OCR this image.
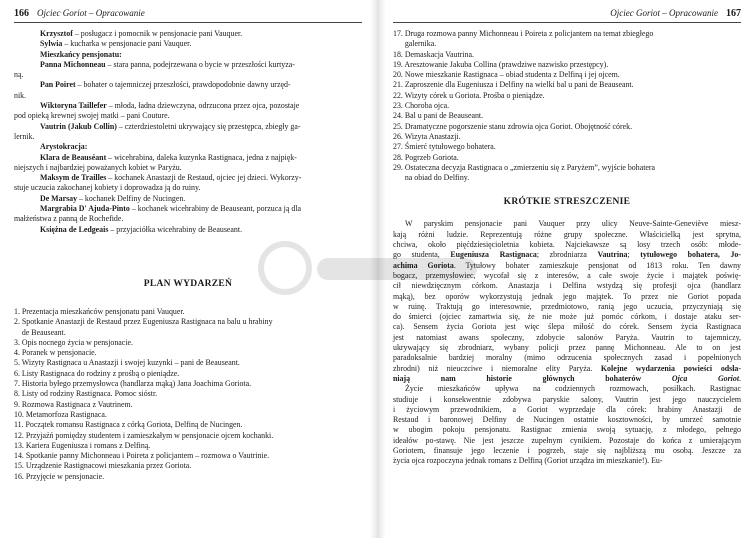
166 Ojciec Goriot – Opracowanie
Krzysztof – posługacz i pomocnik w pensjonacie pani Vauquer.
Sylwia – kucharka w pensjonacie pani Vauquer.
Mieszkańcy pensjonatu:
Panna Michonneau – stara panna, podejrzewana o bycie w przeszłości kurtyza-
ną.
Pan Poiret – bohater o tajemniczej przeszłości, prawdopodobnie dawny urzęd-
nik.
Wiktoryna Taillefer – młoda, ładna dziewczyna, odrzucona przez ojca, pozostaje
pod opieką krewnej swojej matki – pani Couture.
Vautrin (Jakub Collin) – czterdziestoletni ukrywający się przestępca, zbiegły ga-
lernik.
Arystokracja:
Klara de Beauséant – wicehrabina, daleka kuzynka Rastignaca, jedna z najpięk-
niejszych i najbardziej poważanych kobiet w Paryżu.
Maksym de Trailles – kochanek Anastazji de Restaud, ojciec jej dzieci. Wykorzy-
stuje uczucia zakochanej kobiety i doprowadza ją do ruiny.
De Marsay – kochanek Delfiny de Nucingen.
Margrabia D' Ajuda-Pinto – kochanek wicehrabiny de Beauseant, porzuca ją dla
małżeństwa z panną de Rochefide.
Księżna de Ledgeais – przyjaciółka wicehrabiny de Beauseant.
PLAN WYDARZEŃ
1. Prezentacja mieszkańców pensjonatu pani Vauquer.
2. Spotkanie Anastazji de Restaud przez Eugeniusza Rastignaca na balu u hrabiny
de Beauseant.
3. Opis nocnego życia w pensjonacie.
4. Poranek w pensjonacie.
5. Wizyty Rastignaca u Anastazji i swojej kuzynki – pani de Beauseant.
6. Listy Rastignaca do rodziny z prośbą o pieniądze.
7. Historia byłego przemysłowca (handlarza mąką) Jana Joachima Goriota.
8. Listy od rodziny Rastignaca. Pomoc sióstr.
9. Rozmowa Rastignaca z Vautrinem.
10. Metamorfoza Rastignaca.
11. Początek romansu Rastignaca z córką Goriota, Delfiną de Nucingen.
12. Przyjaźń pomiędzy studentem i zamieszkałym w pensjonacie ojcem kochanki.
13. Kariera Eugeniusza i romans z Delfiną.
14. Spotkanie panny Michonneau i Poireta z policjantem – rozmowa o Vautrinie.
15. Urządzenie Rastignacowi mieszkania przez Goriota.
16. Przyjęcie w pensjonacie.
Ojciec Goriot – Opracowanie 167
17. Druga rozmowa panny Michonneau i Poireta z policjantem na temat zbiegłego
galernika.
18. Demaskacja Vautrina.
19. Aresztowanie Jakuba Collina (prawdziwe nazwisko przestępcy).
20. Nowe mieszkanie Rastignaca – obiad studenta z Delfiną i jej ojcem.
21. Zaproszenie dla Eugeniusza i Delfiny na wielki bal u pani de Beauseant.
22. Wizyty córek u Goriota. Prośba o pieniądze.
23. Choroba ojca.
24. Bal u pani de Beauseant.
25. Dramatyczne pogorszenie stanu zdrowia ojca Goriot. Obojętność córek.
26. Wizyta Anastazji.
27. Śmierć tytułowego bohatera.
28. Pogrzeb Goriota.
29. Ostateczna decyzja Rastignaca o „zmierzeniu się z Paryżem”, wyjście bohatera
na obiad do Delfiny.
KRÓTKIE STRESZCZENIE
W paryskim pensjonacie pani Vauquer przy ulicy Neuve-Sainte-Geneviève miesz-
kają różni ludzie. Reprezentują różne grupy społeczne. Właścicielką jest sprytna,
chciwa, około pięćdziesięcioletnia kobieta. Najciekawsze są losy trzech osób: młode-
go studenta, Eugeniusza Rastignaca; zbrodniarza Vautrina; tytułowego bohatera, Jo-
achima Goriota. Tytułowy bohater zamieszkuje pensjonat od 1813 roku. Ten dawny
bogacz, przemysłowiec, wycofał się z interesów, a całe swoje życie i majątek poświę-
cił niewdzięcznym córkom. Anastazja i Delfina wstydzą się profesji ojca (handlarz
mąką), bez oporów wykorzystują jednak jego majątek. To przez nie Goriot popada
w ruinę. Traktują go interesownie, przedmiotowo, ranią jego uczucia, przyczyniają się
do śmierci (ojciec zamartwia się, że nie może już pomóc córkom, i dostaje ataku ser-
ca). Sensem życia Goriota jest więc ślepa miłość do córek. Sensem życia Rastignaca
jest natomiast awans społeczny, zdobycie salonów Paryża. Vautrin to tajemniczy,
ukrywający się zbrodniarz, wybany policji przez pannę Michonneau. Ale to on jest
paradoksalnie bardziej moralny (mimo odrzucenia społecznych zasad i popełnionych
zbrodni) niż nieuczciwe i niemoralne elity Paryża. Kolejne wydarzenia powieści odsła-
niają nam historie głównych bohaterów Ojca Goriot.
Życie mieszkańców upływa na codziennych rozmowach, posiłkach. Rastignac
studiuje i konsekwentnie zdobywa paryskie salony, Vautrin jest jego nauczycielem
i życiowym przewodnikiem, a Goriot wyprzedaje dla córek: hrabiny Anastazji de
Restaud i baronowej Delfiny de Nucingen ostatnie kosztowności, by umrzeć samotnie
w ubogim pokoju pensjonatu. Rastignac zmienia swoją sytuację, z młodego, pełnego
ideałów po-stawę. Nie jest jeszcze zupełnym cynikiem. Pozostaje do końca z umierającym
Goriotem, finansuje jego leczenie i pogrzeb, staje się najbliższą mu osobą. Jeszcze za
życia ojca rozpoczyna jednak romans z Delfiną (Goriot urządza im mieszkanie!). Eu-
